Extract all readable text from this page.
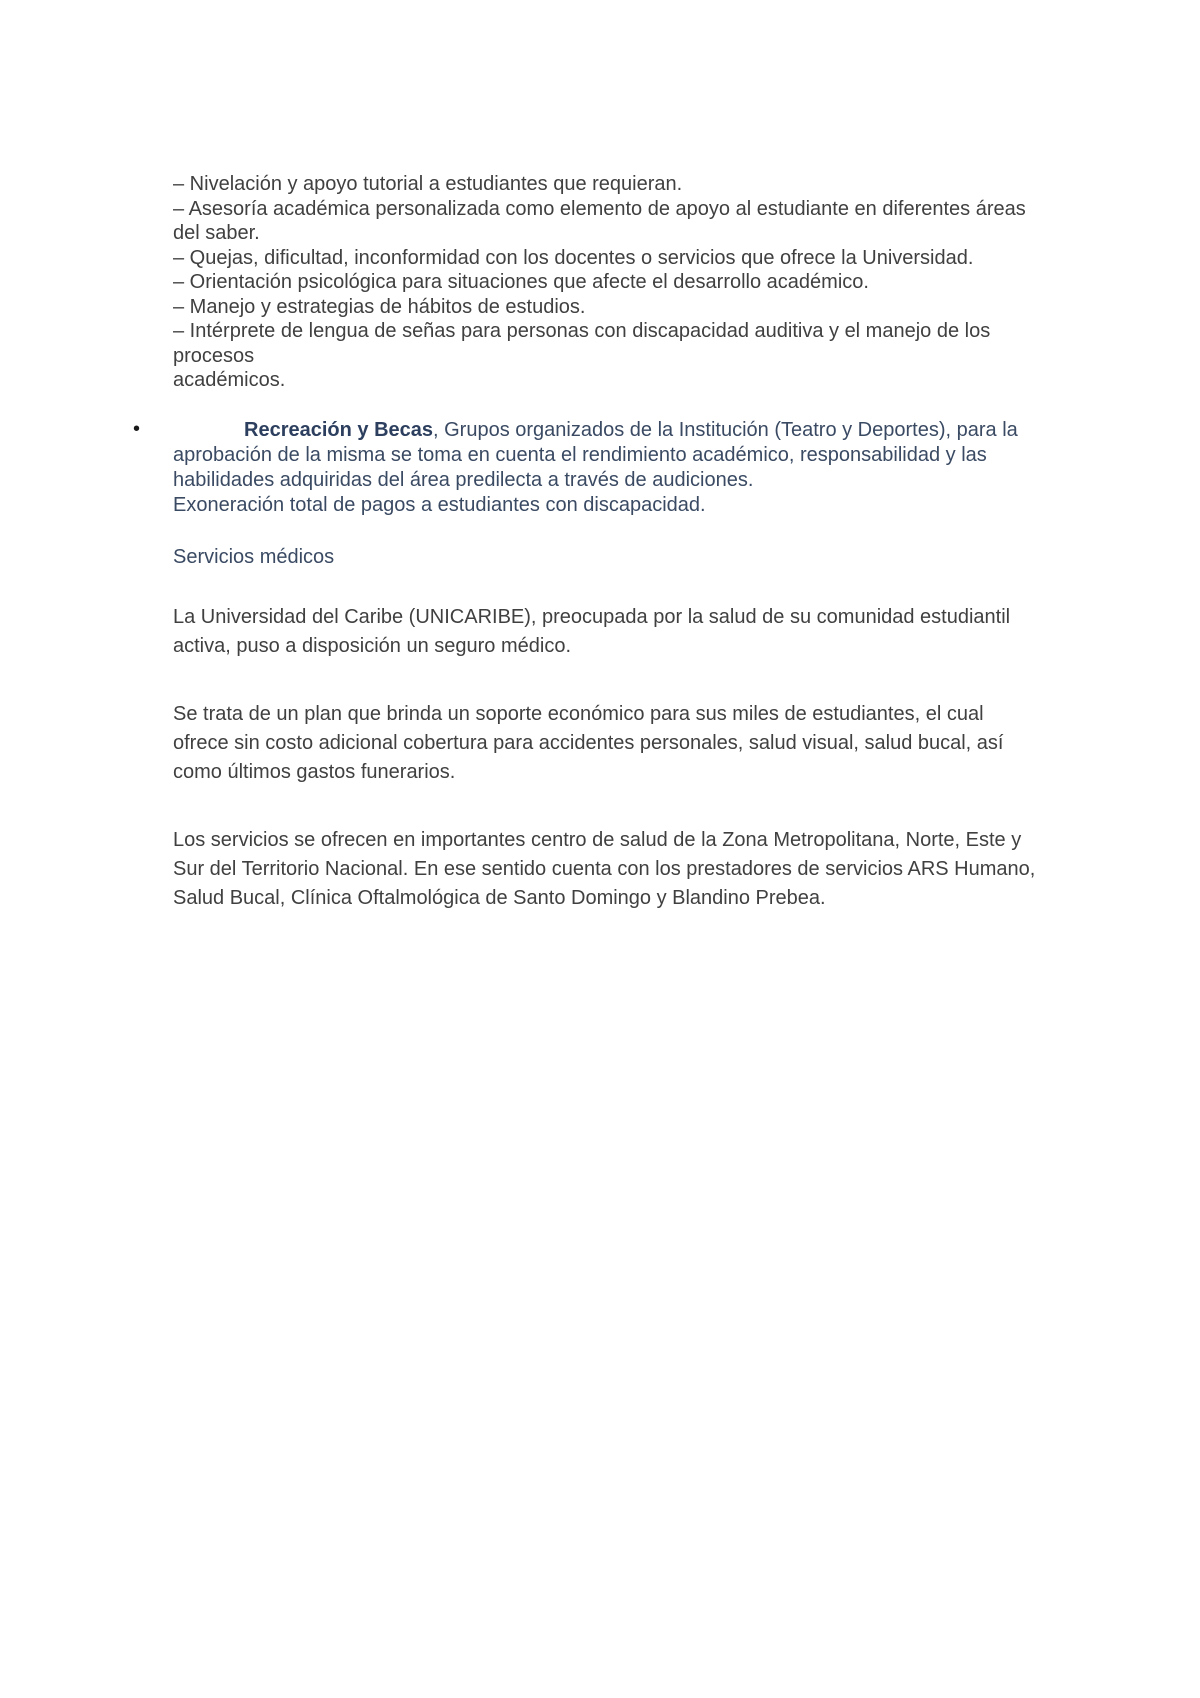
– Nivelación y apoyo tutorial a estudiantes que requieran.
– Asesoría académica personalizada como elemento de apoyo al estudiante en diferentes áreas del saber.
– Quejas, dificultad, inconformidad con los docentes o servicios que ofrece la Universidad.
– Orientación psicológica para situaciones que afecte el desarrollo académico.
– Manejo y estrategias de hábitos de estudios.
– Intérprete de lengua de señas para personas con discapacidad auditiva y el manejo de los procesos
académicos.
•	Recreación y Becas, Grupos organizados de la Institución (Teatro y Deportes), para la aprobación de la misma se toma en cuenta el rendimiento académico, responsabilidad y las habilidades adquiridas del área predilecta a través de audiciones.
Exoneración total de pagos a estudiantes con discapacidad.
Servicios médicos
La Universidad del Caribe (UNICARIBE), preocupada por la salud de su comunidad estudiantil activa, puso a disposición un seguro médico.
Se trata de un plan que brinda un soporte económico para sus miles de estudiantes, el cual ofrece sin costo adicional cobertura para accidentes personales, salud visual, salud bucal, así como últimos gastos funerarios.
Los servicios se ofrecen en importantes centro de salud de la Zona Metropolitana, Norte, Este y Sur del Territorio Nacional. En ese sentido cuenta con los prestadores de servicios ARS Humano, Salud Bucal, Clínica Oftalmológica de Santo Domingo y Blandino Prebea.
